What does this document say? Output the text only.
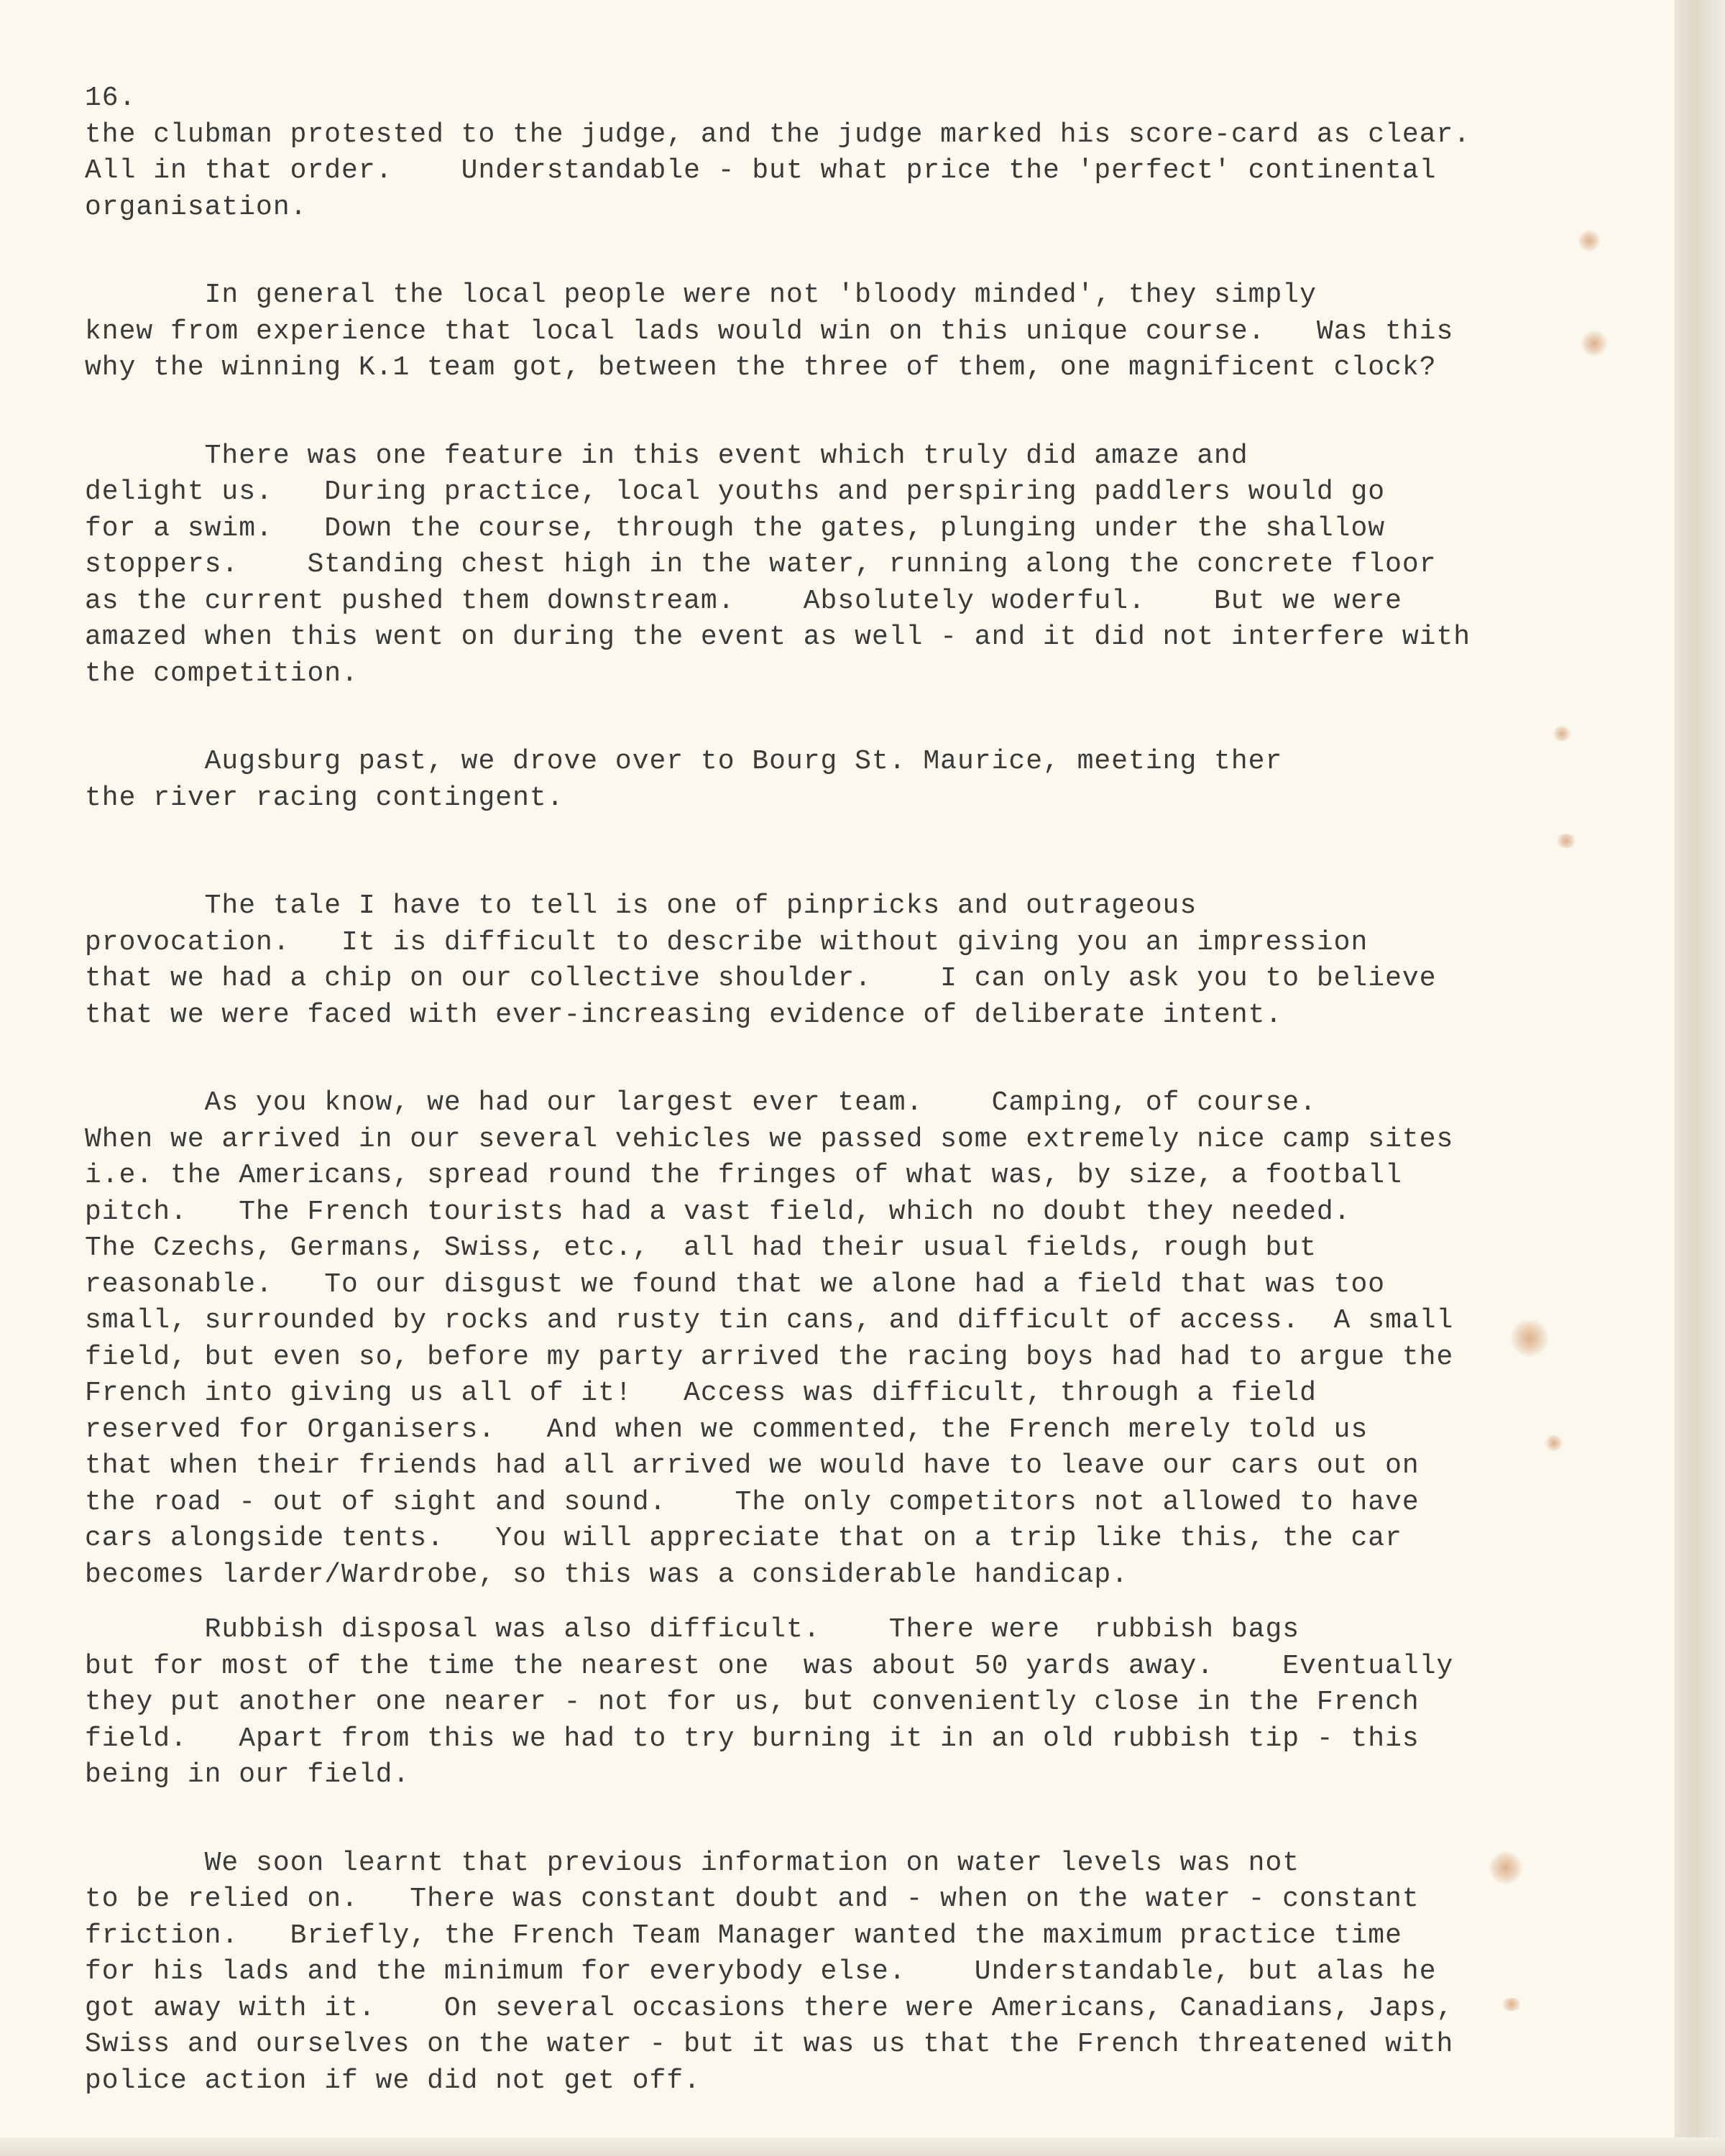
16.
the clubman protested to the judge, and the judge marked his score-card as clear.
All in that order.    Understandable - but what price the 'perfect' continental
organisation.
In general the local people were not 'bloody minded', they simply
knew from experience that local lads would win on this unique course.   Was this
why the winning K.1 team got, between the three of them, one magnificent clock?
There was one feature in this event which truly did amaze and
delight us.   During practice, local youths and perspiring paddlers would go
for a swim.   Down the course, through the gates, plunging under the shallow
stoppers.    Standing chest high in the water, running along the concrete floor
as the current pushed them downstream.    Absolutely woderful.    But we were
amazed when this went on during the event as well - and it did not interfere with
the competition.
Augsburg past, we drove over to Bourg St. Maurice, meeting ther
the river racing contingent.
The tale I have to tell is one of pinpricks and outrageous
provocation.   It is difficult to describe without giving you an impression
that we had a chip on our collective shoulder.    I can only ask you to believe
that we were faced with ever-increasing evidence of deliberate intent.
As you know, we had our largest ever team.    Camping, of course.
When we arrived in our several vehicles we passed some extremely nice camp sites
i.e. the Americans, spread round the fringes of what was, by size, a football
pitch.   The French tourists had a vast field, which no doubt they needed.
The Czechs, Germans, Swiss, etc.,  all had their usual fields, rough but
reasonable.   To our disgust we found that we alone had a field that was too
small, surrounded by rocks and rusty tin cans, and difficult of access.  A small
field, but even so, before my party arrived the racing boys had had to argue the
French into giving us all of it!   Access was difficult, through a field
reserved for Organisers.   And when we commented, the French merely told us
that when their friends had all arrived we would have to leave our cars out on
the road - out of sight and sound.    The only competitors not allowed to have
cars alongside tents.   You will appreciate that on a trip like this, the car
becomes larder/Wardrobe, so this was a considerable handicap.
Rubbish disposal was also difficult.    There were  rubbish bags
but for most of the time the nearest one  was about 50 yards away.    Eventually
they put another one nearer - not for us, but conveniently close in the French
field.   Apart from this we had to try burning it in an old rubbish tip - this
being in our field.
We soon learnt that previous information on water levels was not
to be relied on.   There was constant doubt and - when on the water - constant
friction.   Briefly, the French Team Manager wanted the maximum practice time
for his lads and the minimum for everybody else.    Understandable, but alas he
got away with it.    On several occasions there were Americans, Canadians, Japs,
Swiss and ourselves on the water - but it was us that the French threatened with
police action if we did not get off.
